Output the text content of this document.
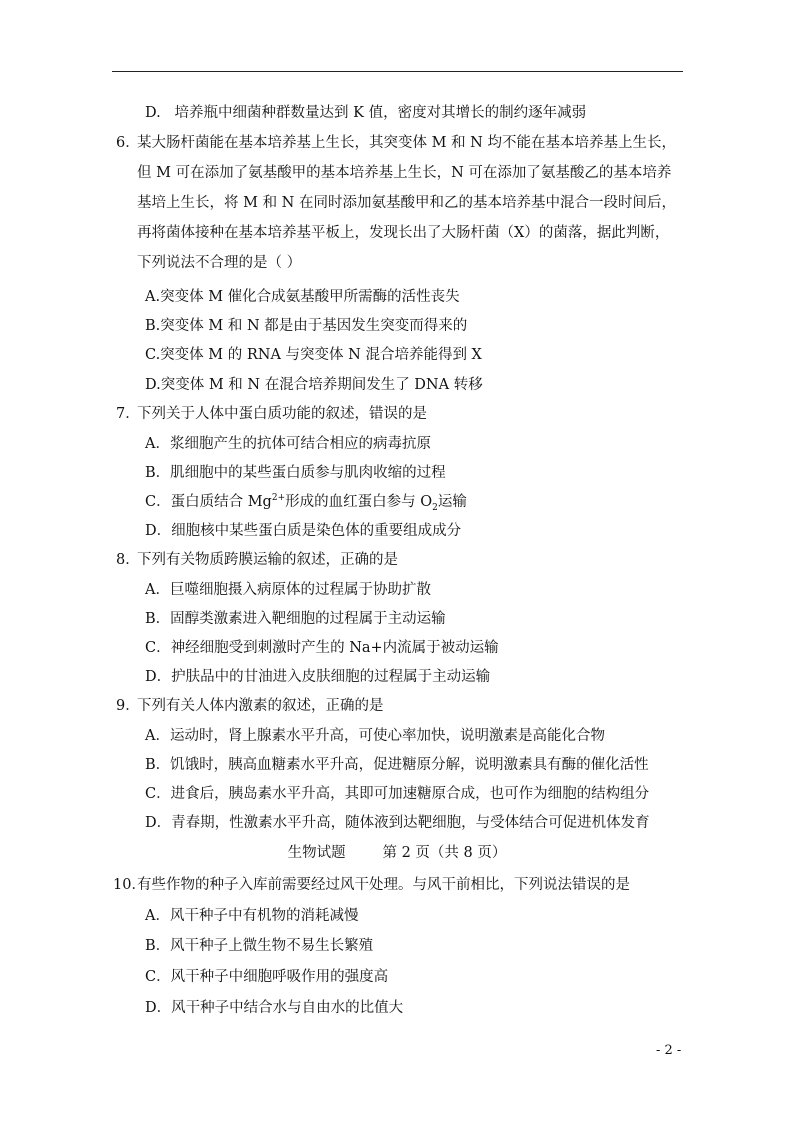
D. 培养瓶中细菌种群数量达到 K 值，密度对其增长的制约逐年减弱
6．
某大肠杆菌能在基本培养基上生长，其突变体 M 和 N 均不能在基本培养基上生长，
但 M 可在添加了氨基酸甲的基本培养基上生长，N 可在添加了氨基酸乙的基本培养
基培上生长，将 M 和 N 在同时添加氨基酸甲和乙的基本培养基中混合一段时间后，
再将菌体接种在基本培养基平板上，发现长出了大肠杆菌（X）的菌落，据此判断，
下列说法不合理的是（ ）
A.突变体 M 催化合成氨基酸甲所需酶的活性丧失
B.突变体 M 和 N 都是由于基因发生突变而得来的
C.突变体 M 的 RNA 与突变体 N 混合培养能得到 X
D.突变体 M 和 N 在混合培养期间发生了 DNA 转移
7．
下列关于人体中蛋白质功能的叙述，错误的是
A．浆细胞产生的抗体可结合相应的病毒抗原
B．肌细胞中的某些蛋白质参与肌肉收缩的过程
C．蛋白质结合 $Mg^{2+}$形成的血红蛋白参与 $O_2$运输
D．细胞核中某些蛋白质是染色体的重要组成成分
8．
下列有关物质跨膜运输的叙述，正确的是
A．巨噬细胞摄入病原体的过程属于协助扩散
B．固醇类激素进入靶细胞的过程属于主动运输
C．神经细胞受到刺激时产生的 Na+内流属于被动运输
D．护肤品中的甘油进入皮肤细胞的过程属于主动运输
9．
下列有关人体内激素的叙述，正确的是
A．运动时，肾上腺素水平升高，可使心率加快，说明激素是高能化合物
B．饥饿时，胰高血糖素水平升高，促进糖原分解，说明激素具有酶的催化活性
C．进食后，胰岛素水平升高，其即可加速糖原合成，也可作为细胞的结构组分
D．青春期，性激素水平升高，随体液到达靶细胞，与受体结合可促进机体发育
生物试题        第 2 页（共 8 页）
10．
有些作物的种子入库前需要经过风干处理。与风干前相比，下列说法错误的是
A．风干种子中有机物的消耗减慢
B．风干种子上微生物不易生长繁殖
C．风干种子中细胞呼吸作用的强度高
D．风干种子中结合水与自由水的比值大
- 2 -
